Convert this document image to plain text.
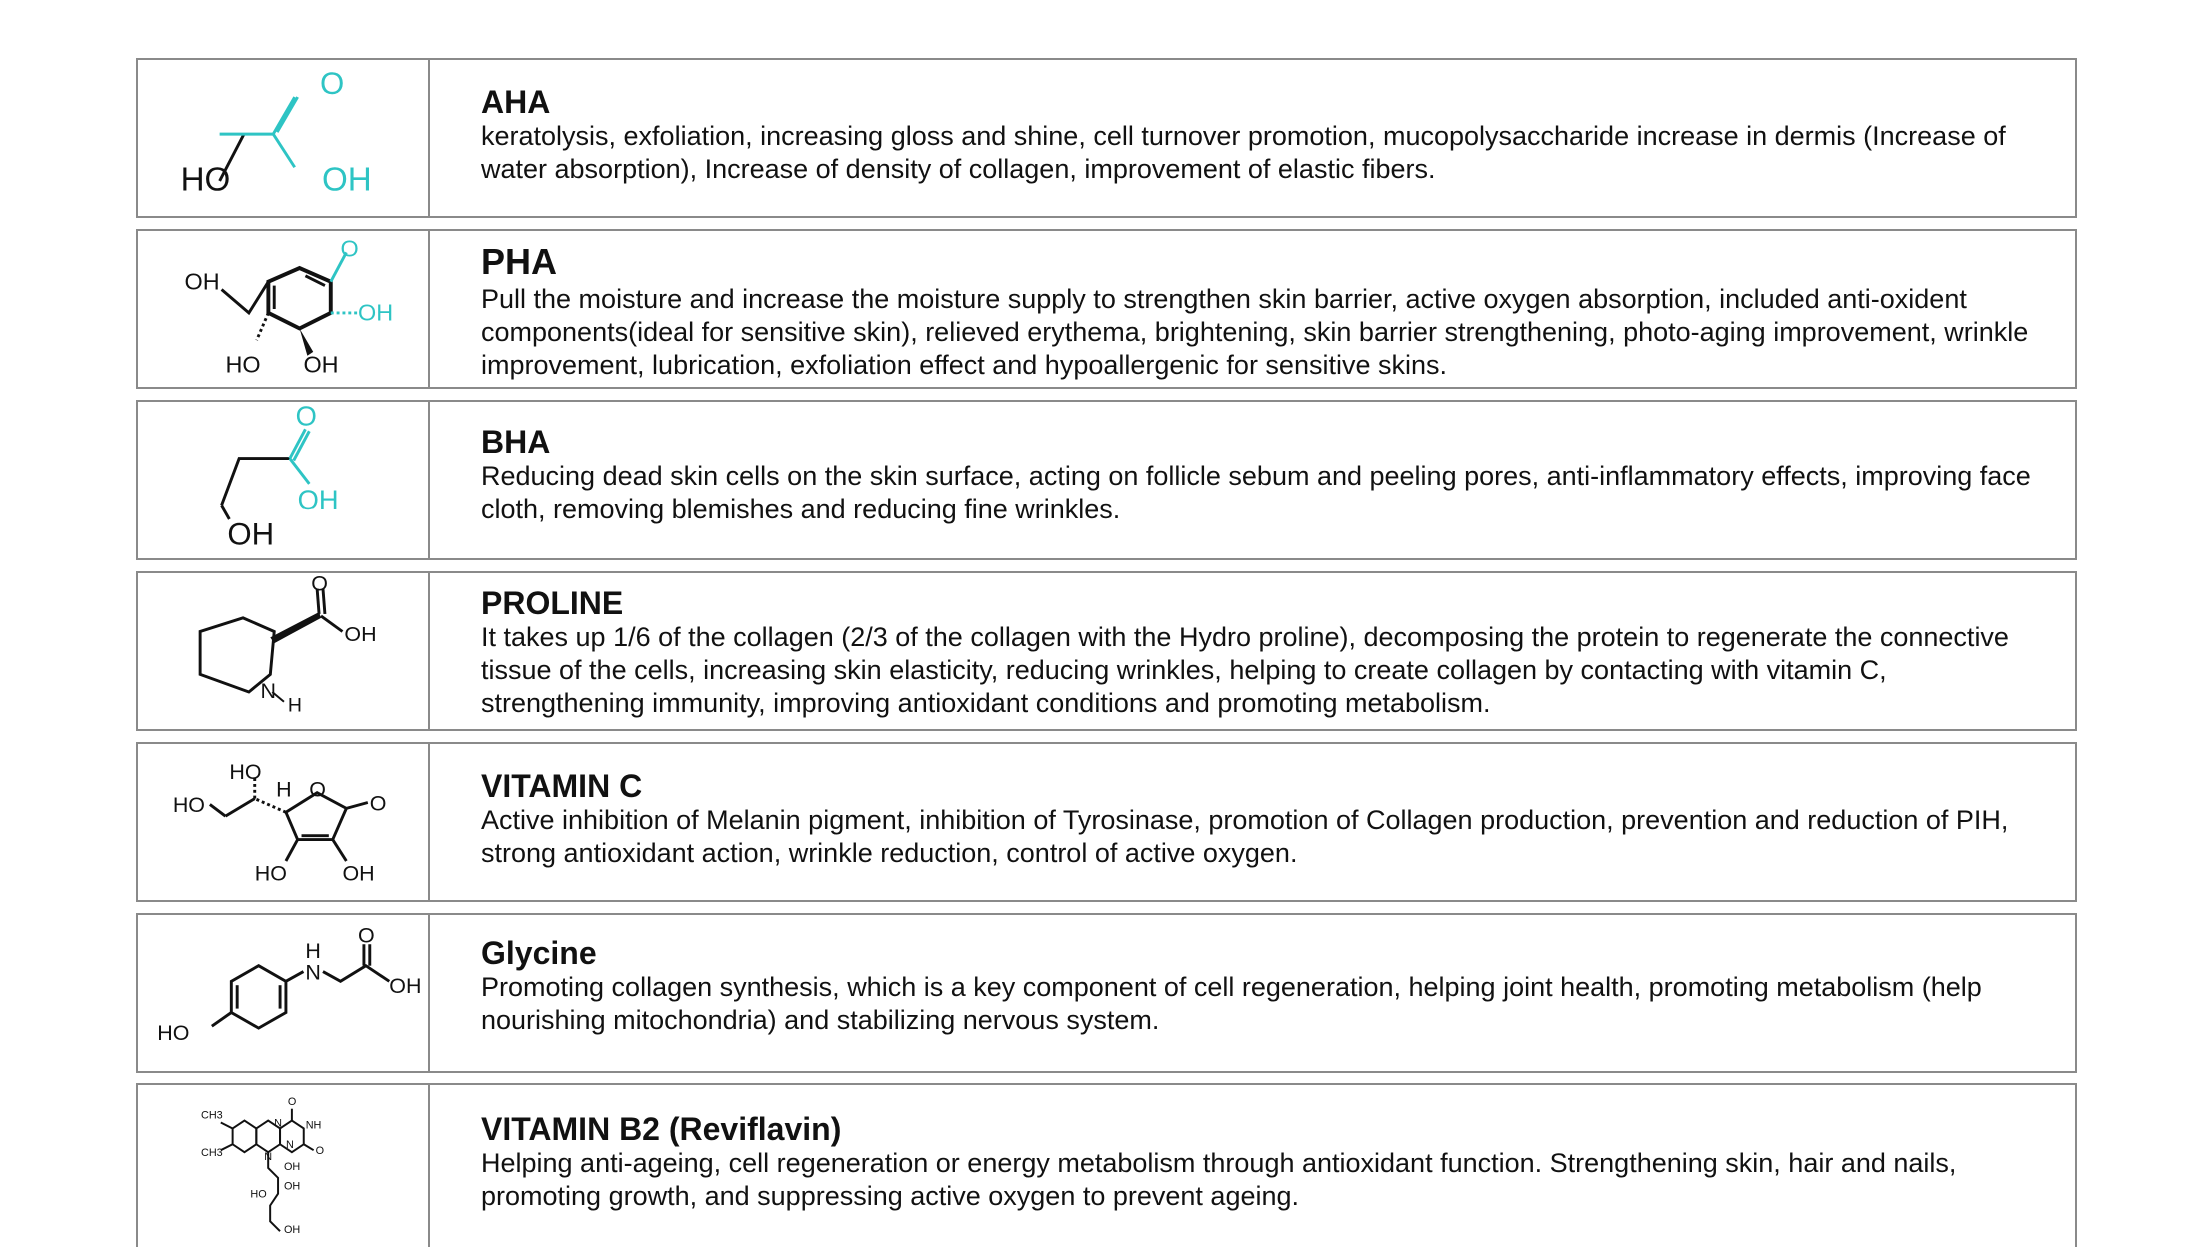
HO	OH
O

AHA

keratolysis, exfoliation, increasing gloss and shine, cell turnover promotion, mucopolysaccharide increase in dermis (Increase of water absorption), Increase of density of collagen, improvement of elastic fibers.

OH
HO OH
OH
O	PHA

Pull the moisture and increase the moisture supply to strengthen skin barrier, active oxygen absorption, included anti-oxident components(ideal for sensitive skin), relieved erythema, brightening, skin barrier strengthening, photo-aging improvement, wrinkle improvement, lubrication, exfoliation effect and hypoallergenic for sensitive skins.

OH
OH
O

BHA

Reducing dead skin cells on the skin surface, acting on follicle sebum and peeling pores, anti-inflammatory effects, improving face cloth, removing blemishes and reducing fine wrinkles.

O
OH
N
H

PROLINE

It takes up 1/6 of the collagen (2/3 of the collagen with the Hydro proline), decomposing the protein to regenerate the connective tissue of the cells, increasing skin elasticity, reducing wrinkles, helping to create collagen by contacting with vitamin C, strengthening immunity, improving antioxidant conditions and promoting metabolism.

HO
HO
H O
O
HO	OH

VITAMIN C

Active inhibition of Melanin pigment, inhibition of Tyrosinase, promotion of Collagen production, prevention and reduction of PIH, strong antioxidant action, wrinkle reduction, control of active oxygen.

H
N
O
OH
HO

Glycine

Promoting collagen synthesis, which is a key component of cell regeneration, helping joint health, promoting metabolism (help nourishing mitochondria) and stabilizing nervous system.

CH3
CH3
O
NH
O
N
N
N
OH
HO
OH
OH

VITAMIN B2 (Reviflavin)

Helping anti-ageing, cell regeneration or energy metabolism through antioxidant function. Strengthening skin, hair and nails, promoting growth, and suppressing active oxygen to prevent ageing.
